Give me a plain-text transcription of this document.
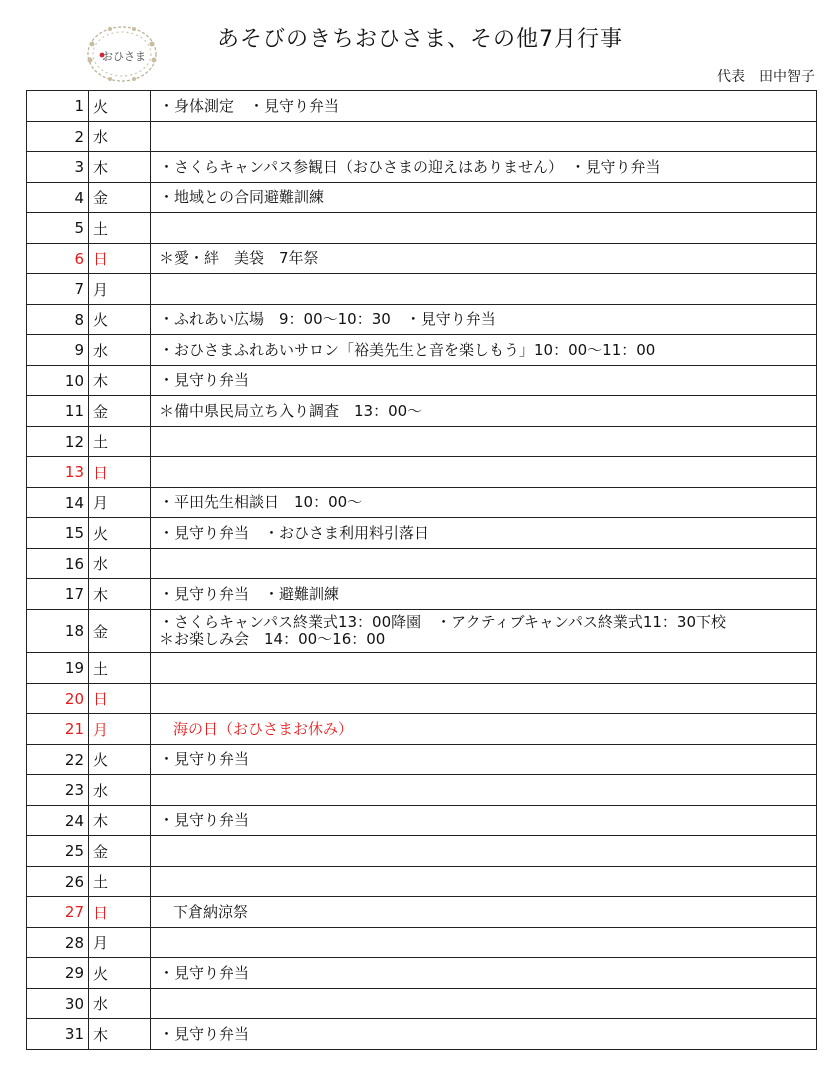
おひさま
あそびのきちおひさま、その他7月行事
代表　田中智子
1	火	・身体測定　・見守り弁当

2	水	

3	木	・さくらキャンパス参観日（おひさまの迎えはありません）　・見守り弁当

4	金	・地域との合同避難訓練

5	土	

6	日	＊愛・絆　美袋　7年祭

7	月	

8	火	・ふれあい広場　9：00〜10：30　・見守り弁当

9	水	・おひさまふれあいサロン「裕美先生と音を楽しもう」10：00〜11：00

10	木	・見守り弁当

11	金	＊備中県民局立ち入り調査　13：00〜

12	土	

13	日	

14	月	・平田先生相談日　10：00〜

15	火	・見守り弁当　・おひさま利用料引落日

16	水	

17	木	・見守り弁当　・避難訓練

18	金	・さくらキャンパス終業式13：00降園　・アクティブキャンパス終業式11：30下校
＊お楽しみ会　14：00〜16：00

19	土	

20	日	

21	月	海の日（おひさまお休み）

22	火	・見守り弁当

23	水	

24	木	・見守り弁当

25	金	

26	土	

27	日	下倉納涼祭

28	月	

29	火	・見守り弁当

30	水	

31	木	・見守り弁当
